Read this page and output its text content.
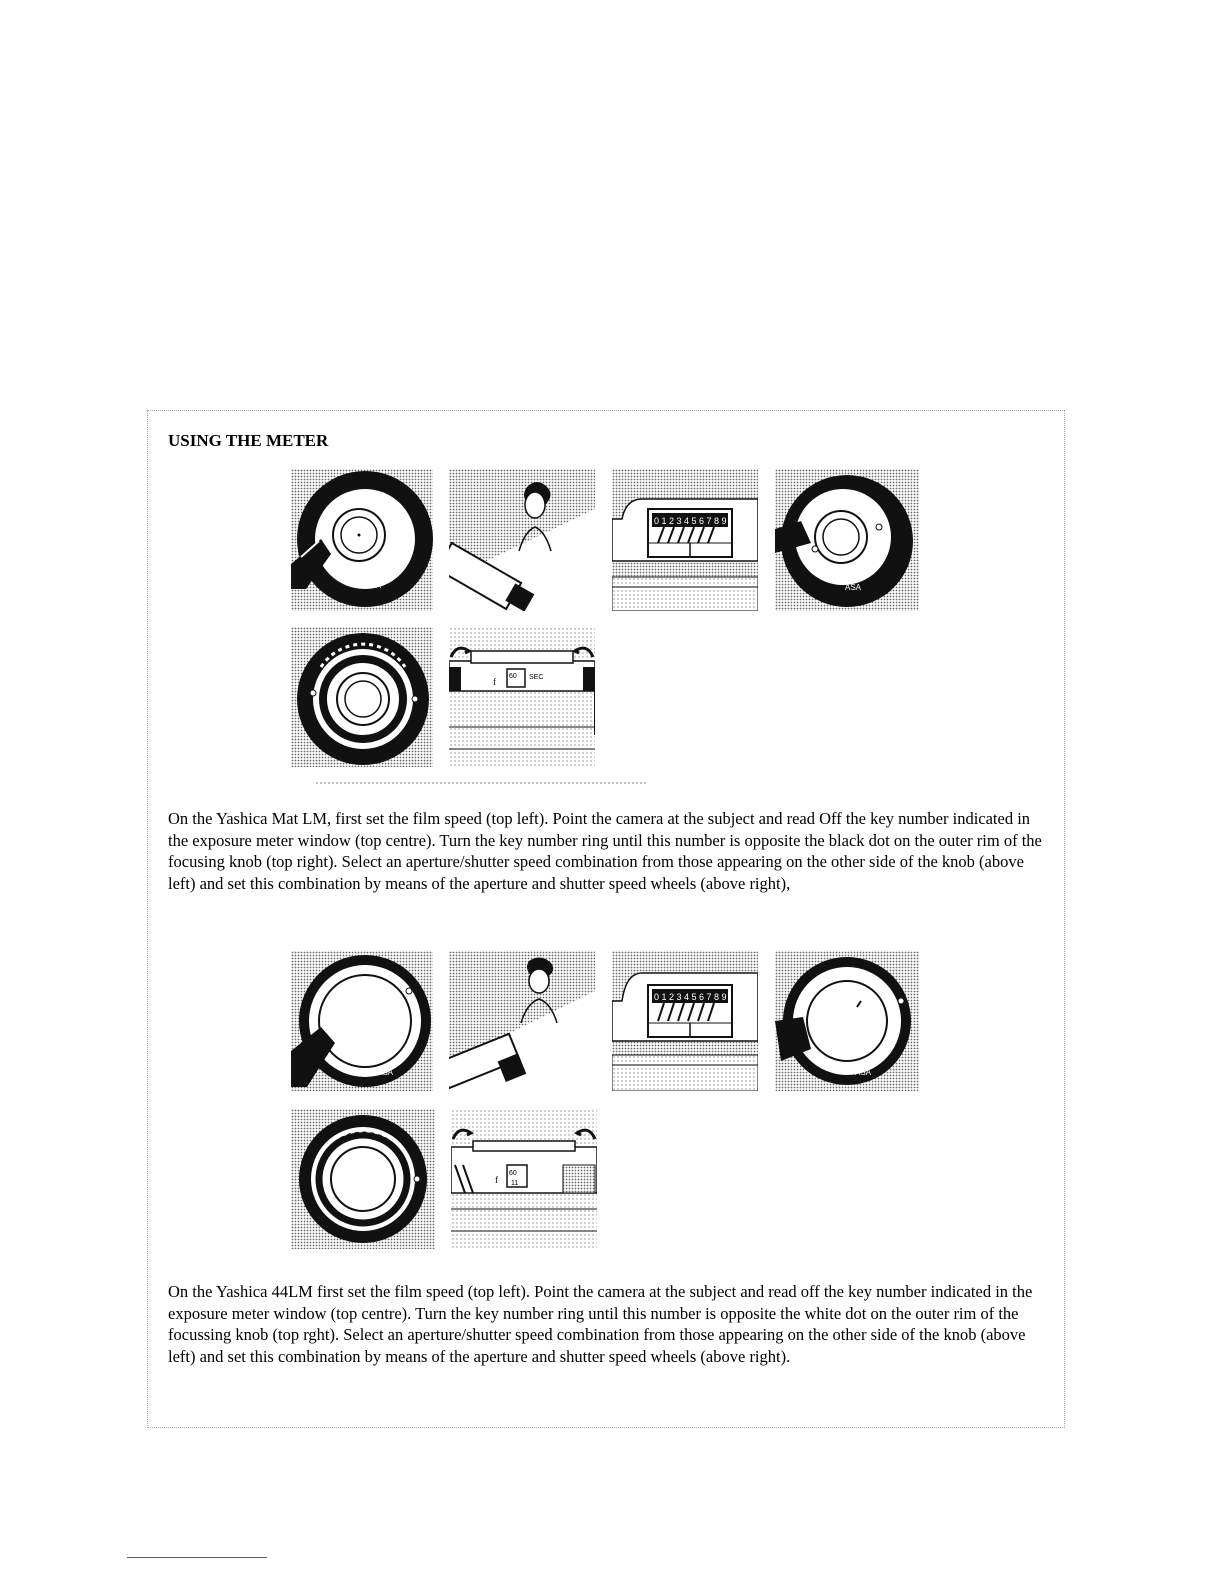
USING THE METER
ASA
0 1 2 3 4 5 6 7 8 9
ASA
60
f	SEC

On the Yashica Mat LM, first set the film speed (top left). Point the camera at the subject and read Off the key number indicated in the exposure meter window (top centre). Turn the key number ring until this number is opposite the black dot on the outer rim of the focusing knob (top right). Select an aperture/shutter speed combination from those appearing on the other side of the knob (above left) and set this combination by means of the aperture and shutter speed wheels (above right),

ASA
0 1 2 3 4 5 6 7 8 9
ASA
60
11
f

On the Yashica 44LM first set the film speed (top left). Point the camera at the subject and read off the key number indicated in the exposure meter window (top centre). Turn the key number ring until this number is opposite the white dot on the outer rim of the focussing knob (top rght). Select an aperture/shutter speed combination from those appearing on the other side of the knob (above left) and set this combination by means of the aperture and shutter speed wheels (above right).
